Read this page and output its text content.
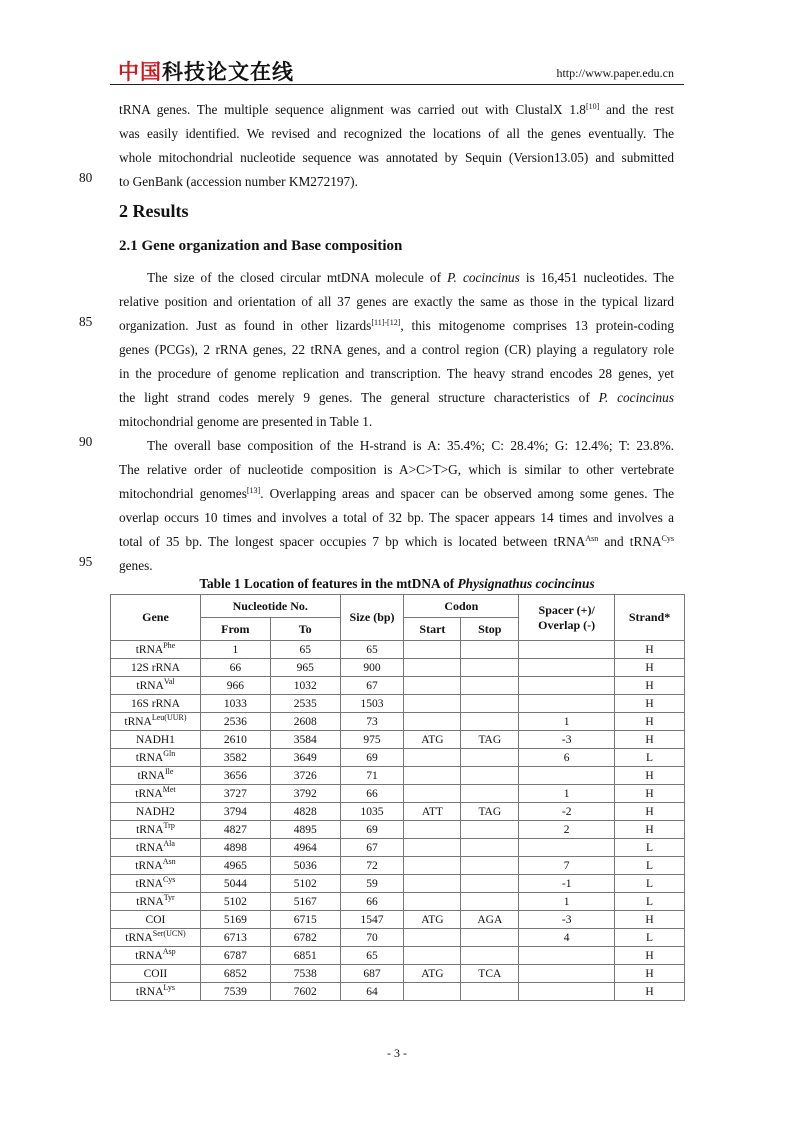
中国科技论文在线	http://www.paper.edu.cn
tRNA genes. The multiple sequence alignment was carried out with ClustalX 1.8[10] and the rest
was easily identified. We revised and recognized the locations of all the genes eventually. The
whole mitochondrial nucleotide sequence was annotated by Sequin (Version13.05) and submitted
to GenBank (accession number KM272197).
80
2 Results
2.1 Gene organization and Base composition
The size of the closed circular mtDNA molecule of P. cocincinus is 16,451 nucleotides. The
relative position and orientation of all 37 genes are exactly the same as those in the typical lizard
organization. Just as found in other lizards[11]-[12], this mitogenome comprises 13 protein-coding
genes (PCGs), 2 rRNA genes, 22 tRNA genes, and a control region (CR) playing a regulatory role
in the procedure of genome replication and transcription. The heavy strand encodes 28 genes, yet
the light strand codes merely 9 genes. The general structure characteristics of P. cocincinus
mitochondrial genome are presented in Table 1.
85
The overall base composition of the H-strand is A: 35.4%; C: 28.4%; G: 12.4%; T: 23.8%.
The relative order of nucleotide composition is A>C>T>G, which is similar to other vertebrate
mitochondrial genomes[13]. Overlapping areas and spacer can be observed among some genes. The
overlap occurs 10 times and involves a total of 32 bp. The spacer appears 14 times and involves a
total of 35 bp. The longest spacer occupies 7 bp which is located between tRNA$^{Asn}$ and tRNA$^{Cys}$
genes.
90
95
Table 1 Location of features in the mtDNA of Physignathus cocincinus
Gene	Nucleotide No.		Size (bp)	Codon		Spacer (+)/
Overlap (-)	Strand*
	From	To		Start	Stop		
tRNA$^{Phe}$	1	65	65				H
12S rRNA	66	965	900				H
tRNA$^{Val}$	966	1032	67				H
16S rRNA	1033	2535	1503				H
tRNA$^{Leu(UUR)}$	2536	2608	73			1	H
NADH1	2610	3584	975	ATG	TAG	-3	H
tRNA$^{Gln}$	3582	3649	69			6	L
tRNA$^{Ile}$	3656	3726	71				H
tRNA$^{Met}$	3727	3792	66			1	H
NADH2	3794	4828	1035	ATT	TAG	-2	H
tRNA$^{Trp}$	4827	4895	69			2	H
tRNA$^{Ala}$	4898	4964	67				L
tRNA$^{Asn}$	4965	5036	72			7	L
tRNA$^{Cys}$	5044	5102	59			-1	L
tRNA$^{Tyr}$	5102	5167	66			1	L
COI	5169	6715	1547	ATG	AGA	-3	H
tRNA$^{Ser(UCN)}$	6713	6782	70			4	L
tRNA$^{Asp}$	6787	6851	65				H
COII	6852	7538	687	ATG	TCA		H
tRNA$^{Lys}$	7539	7602	64				H
- 3 -
